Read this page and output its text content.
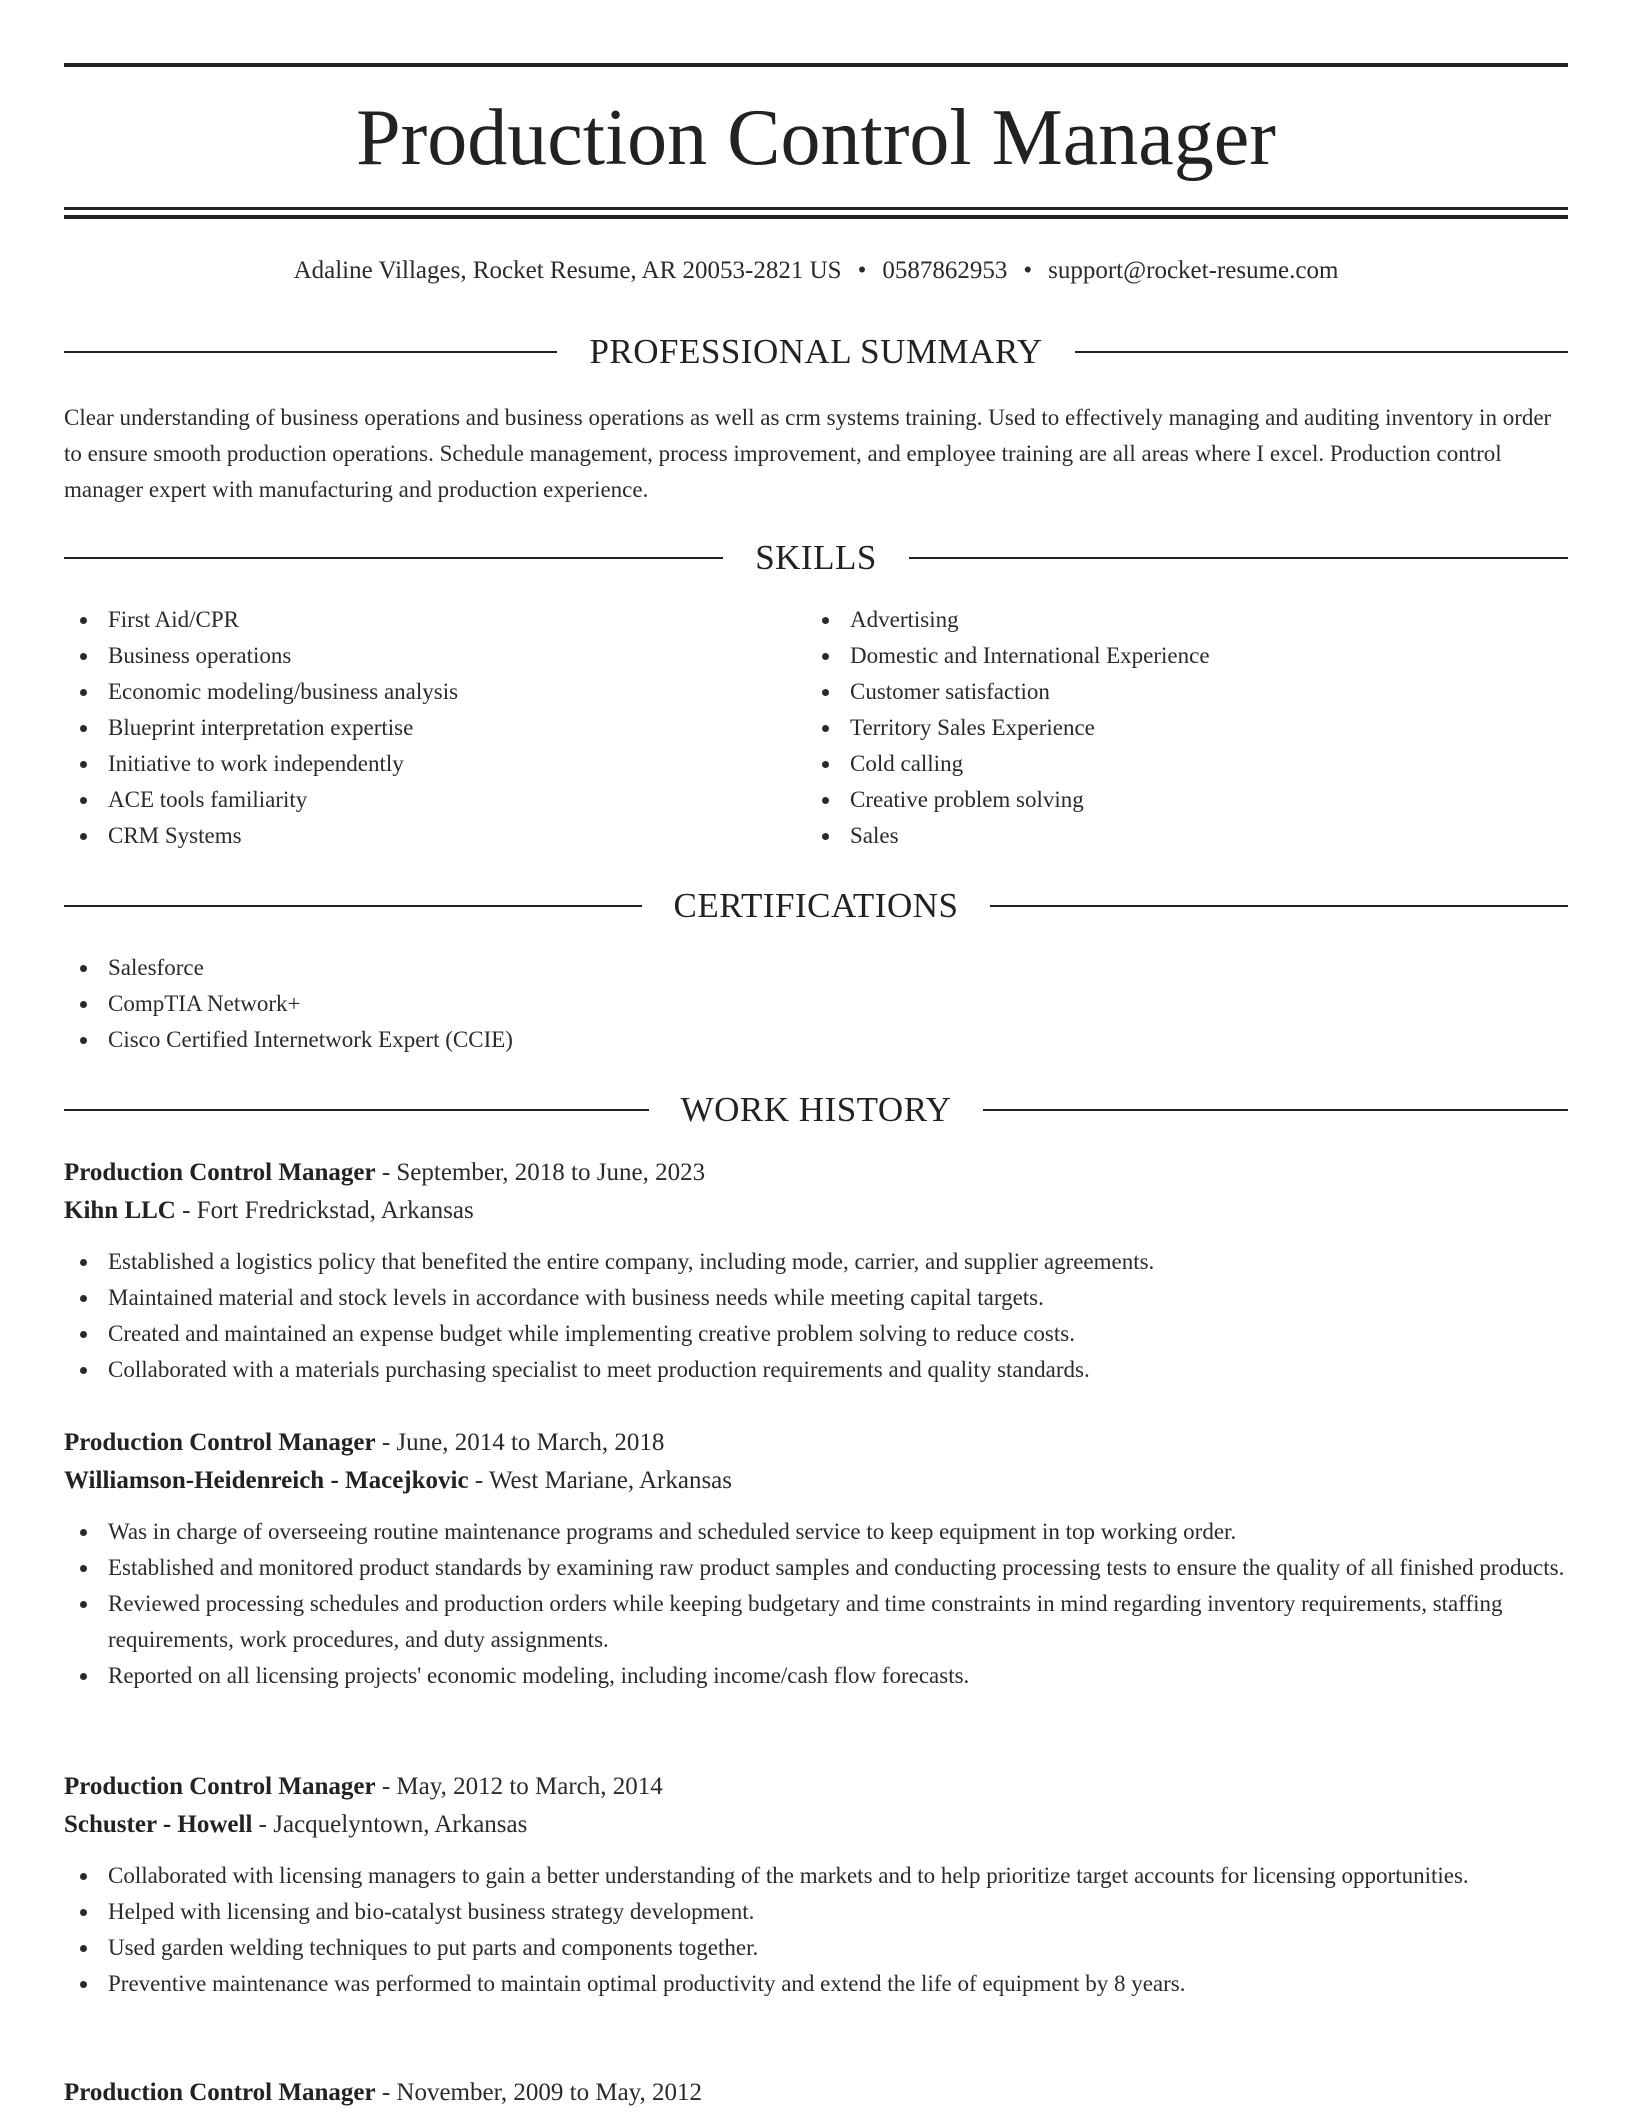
Production Control Manager
Adaline Villages, Rocket Resume, AR 20053-2821 US • 0587862953 • support@rocket-resume.com
PROFESSIONAL SUMMARY

Clear understanding of business operations and business operations as well as crm systems training. Used to effectively managing and auditing inventory in order to ensure smooth production operations. Schedule management, process improvement, and employee training are all areas where I excel. Production control manager expert with manufacturing and production experience.

SKILLS
First Aid/CPR
Business operations
Economic modeling/business analysis
Blueprint interpretation expertise
Initiative to work independently
ACE tools familiarity
CRM Systems
Advertising
Domestic and International Experience
Customer satisfaction
Territory Sales Experience
Cold calling
Creative problem solving
Sales
CERTIFICATIONS
Salesforce
CompTIA Network+
Cisco Certified Internetwork Expert (CCIE)
WORK HISTORY
Production Control Manager - September, 2018 to June, 2023
Kihn LLC - Fort Fredrickstad, Arkansas
Established a logistics policy that benefited the entire company, including mode, carrier, and supplier agreements.
Maintained material and stock levels in accordance with business needs while meeting capital targets.
Created and maintained an expense budget while implementing creative problem solving to reduce costs.
Collaborated with a materials purchasing specialist to meet production requirements and quality standards.
Production Control Manager - June, 2014 to March, 2018
Williamson-Heidenreich - Macejkovic - West Mariane, Arkansas
Was in charge of overseeing routine maintenance programs and scheduled service to keep equipment in top working order.
Established and monitored product standards by examining raw product samples and conducting processing tests to ensure the quality of all finished products.
Reviewed processing schedules and production orders while keeping budgetary and time constraints in mind regarding inventory requirements, staffing requirements, work procedures, and duty assignments.
Reported on all licensing projects' economic modeling, including income/cash flow forecasts.
Production Control Manager - May, 2012 to March, 2014
Schuster - Howell - Jacquelyntown, Arkansas
Collaborated with licensing managers to gain a better understanding of the markets and to help prioritize target accounts for licensing opportunities.
Helped with licensing and bio-catalyst business strategy development.
Used garden welding techniques to put parts and components together.
Preventive maintenance was performed to maintain optimal productivity and extend the life of equipment by 8 years.
Production Control Manager - November, 2009 to May, 2012
